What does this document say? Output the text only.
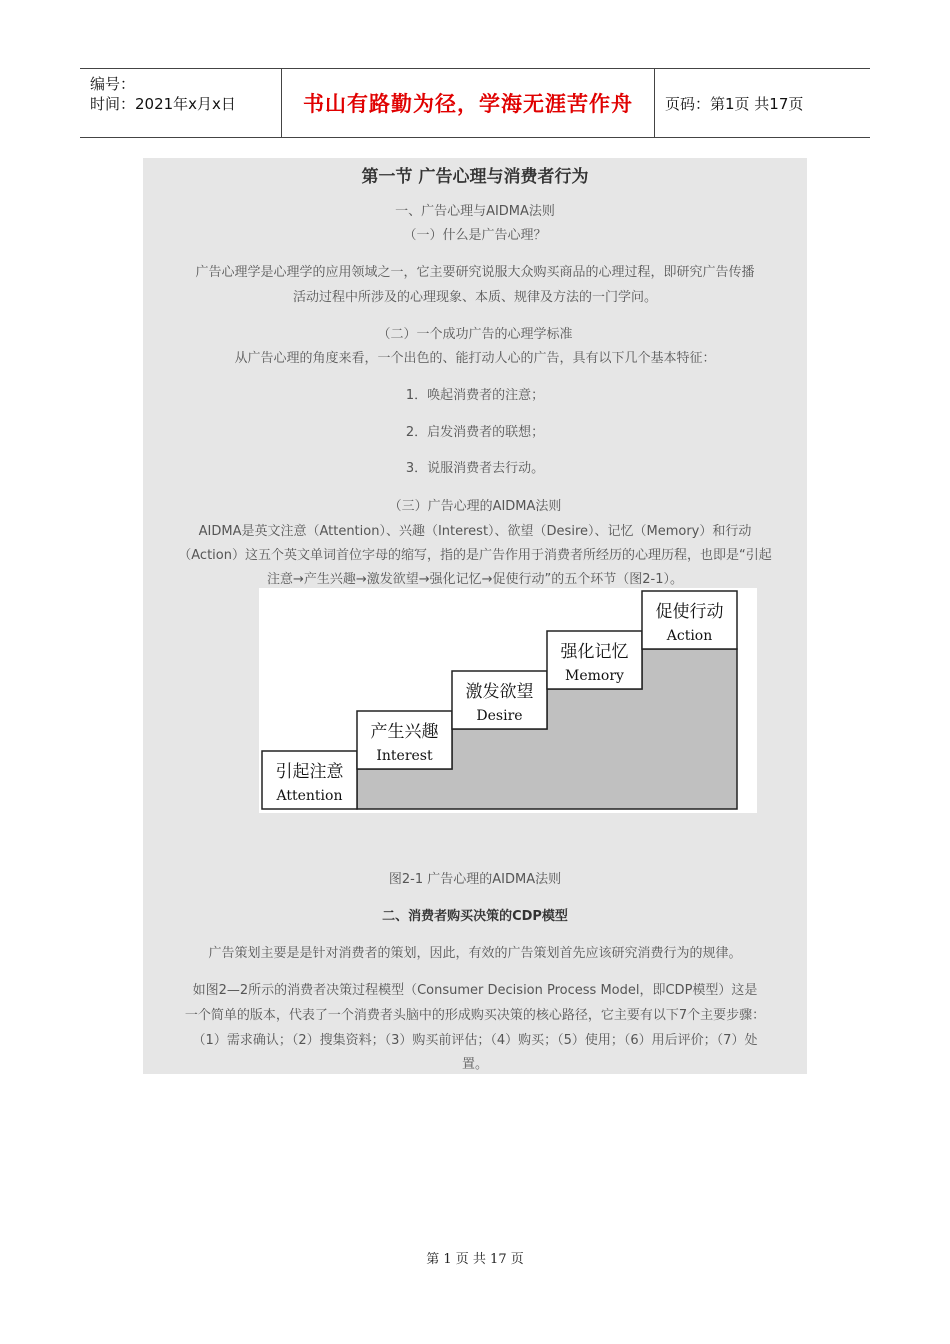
编号：
时间：2021年x月x日	书山有路勤为径，学海无涯苦作舟 页码：第1页 共17页
第一节 广告心理与消费者行为
一、广告心理与AIDMA法则
（一）什么是广告心理？
广告心理学是心理学的应用领域之一，它主要研究说服大众购买商品的心理过程，即研究广告传播
活动过程中所涉及的心理现象、本质、规律及方法的一门学问。
（二）一个成功广告的心理学标准
从广告心理的角度来看，一个出色的、能打动人心的广告，具有以下几个基本特征：
1．唤起消费者的注意；
2．启发消费者的联想；
3．说服消费者去行动。
（三）广告心理的AIDMA法则
AIDMA是英文注意（Attention）、兴趣（Interest）、欲望（Desire）、记忆（Memory）和行动
（Action）这五个英文单词首位字母的缩写，指的是广告作用于消费者所经历的心理历程，也即是“引起
注意→产生兴趣→激发欲望→强化记忆→促使行动”的五个环节（图2-1）。
图2-1 广告心理的AIDMA法则
二、消费者购买决策的CDP模型
广告策划主要是是针对消费者的策划，因此，有效的广告策划首先应该研究消费行为的规律。
如图2—2所示的消费者决策过程模型（Consumer Decision Process Model，即CDP模型）这是
一个简单的版本，代表了一个消费者头脑中的形成购买决策的核心路径，它主要有以下7个主要步骤：
（1）需求确认；（2）搜集资料；（3）购买前评估；（4）购买；（5）使用；（6）用后评价；（7）处
置。
引起注意
Attention
产生兴趣
Interest
激发欲望
Desire
强化记忆
Memory
促使行动
Action
第 1 页 共 17 页
